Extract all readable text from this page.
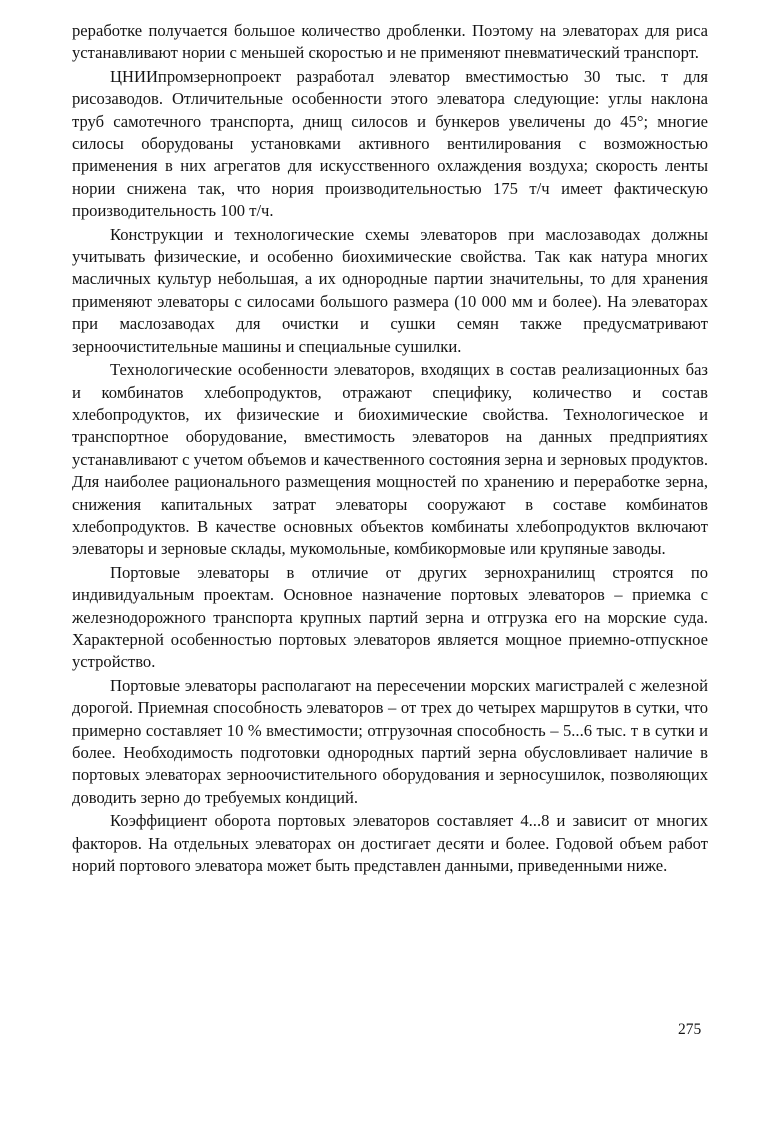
реработке получается большое количество дробленки. Поэтому на элеваторах для риса устанавливают нории с меньшей скоростью и не применяют пневматический транспорт.

ЦНИИпромзернопроект разработал элеватор вместимостью 30 тыс. т для рисозаводов. Отличительные особенности этого элеватора следующие: углы наклона труб самотечного транспорта, днищ силосов и бункеров увеличены до 45°; многие силосы оборудованы установками активного вентилирования с возможностью применения в них агрегатов для искусственного охлаждения воздуха; скорость ленты нории снижена так, что нория производительностью 175 т/ч имеет фактическую производительность 100 т/ч.

Конструкции и технологические схемы элеваторов при маслозаводах должны учитывать физические, и особенно биохимические свойства. Так как натура многих масличных культур небольшая, а их однородные партии значительны, то для хранения применяют элеваторы с силосами большого размера (10 000 мм и более). На элеваторах при маслозаводах для очистки и сушки семян также предусматривают зерноочистительные машины и специальные сушилки.

Технологические особенности элеваторов, входящих в состав реализационных баз и комбинатов хлебопродуктов, отражают специфику, количество и состав хлебопродуктов, их физические и биохимические свойства. Технологическое и транспортное оборудование, вместимость элеваторов на данных предприятиях устанавливают с учетом объемов и качественного состояния зерна и зерновых продуктов. Для наиболее рационального размещения мощностей по хранению и переработке зерна, снижения капитальных затрат элеваторы сооружают в составе комбинатов хлебопродуктов. В качестве основных объектов комбинаты хлебопродуктов включают элеваторы и зерновые склады, мукомольные, комбикормовые или крупяные заводы.

Портовые элеваторы в отличие от других зернохранилищ строятся по индивидуальным проектам. Основное назначение портовых элеваторов – приемка с железнодорожного транспорта крупных партий зерна и отгрузка его на морские суда. Характерной особенностью портовых элеваторов является мощное приемно-отпускное устройство.

Портовые элеваторы располагают на пересечении морских магистралей с железной дорогой. Приемная способность элеваторов – от трех до четырех маршрутов в сутки, что примерно составляет 10 % вместимости; отгрузочная способность – 5...6 тыс. т в сутки и более. Необходимость подготовки однородных партий зерна обусловливает наличие в портовых элеваторах зерноочистительного оборудования и зерносушилок, позволяющих доводить зерно до требуемых кондиций.

Коэффициент оборота портовых элеваторов составляет 4...8 и зависит от многих факторов. На отдельных элеваторах он достигает десяти и более. Годовой объем работ норий портового элеватора может быть представлен данными, приведенными ниже.

275
